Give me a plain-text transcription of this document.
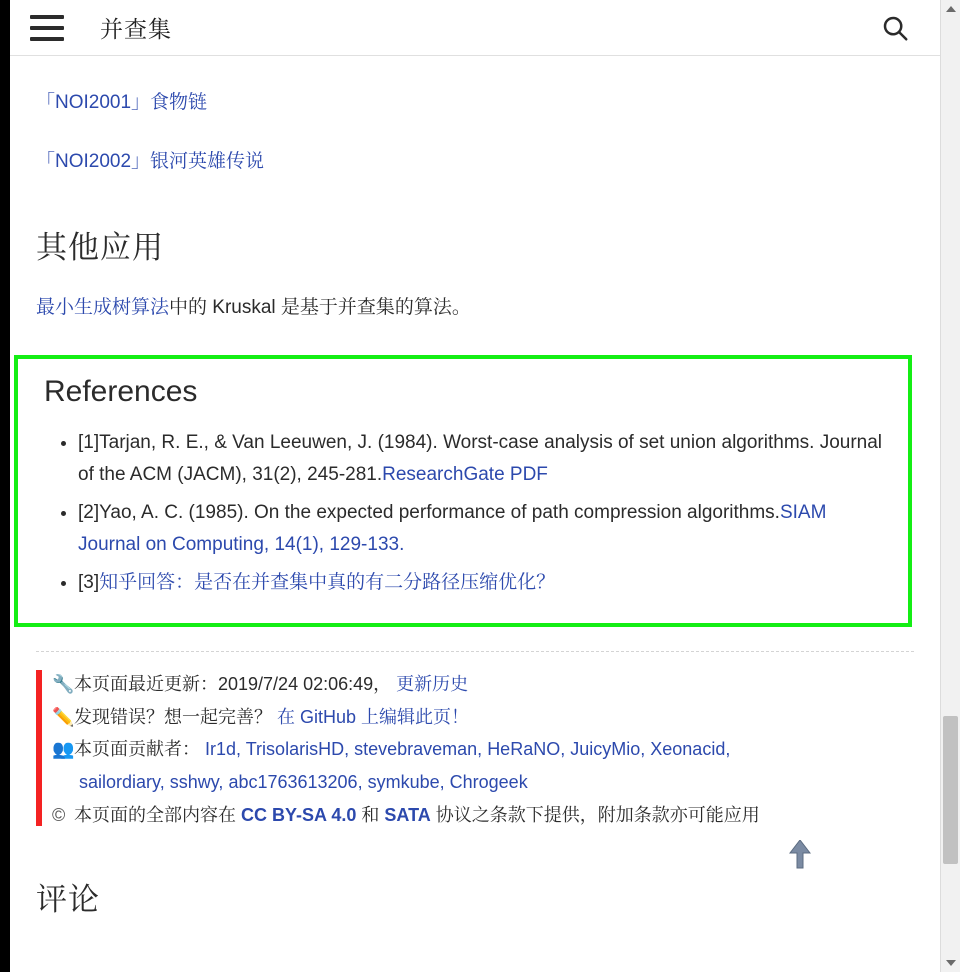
并查集
「NOI2001」食物链
「NOI2002」银河英雄传说
其他应用

最小生成树算法中的 Kruskal 是基于并查集的算法。

References
• [1]Tarjan, R. E., & Van Leeuwen, J. (1984). Worst-case analysis of set union algorithms. Journal of the ACM (JACM), 31(2), 245-281.ResearchGate PDF
• [2]Yao, A. C. (1985). On the expected performance of path compression algorithms.SIAM Journal on Computing, 14(1), 129-133.
• [3]知乎回答：是否在并查集中真的有二分路径压缩优化？
🔧本页面最近更新：2019/7/24 02:06:49， 更新历史
✏️发现错误？想一起完善？ 在 GitHub 上编辑此页！
👥本页面贡献者： Ir1d, TrisolarisHD, stevebraveman, HeRaNO, JuicyMio, Xeonacid,
sailordiary, sshwy, abc1763613206, symkube, Chrogeek
© 本页面的全部内容在 CC BY-SA 4.0 和 SATA 协议之条款下提供，附加条款亦可能应用
评论
